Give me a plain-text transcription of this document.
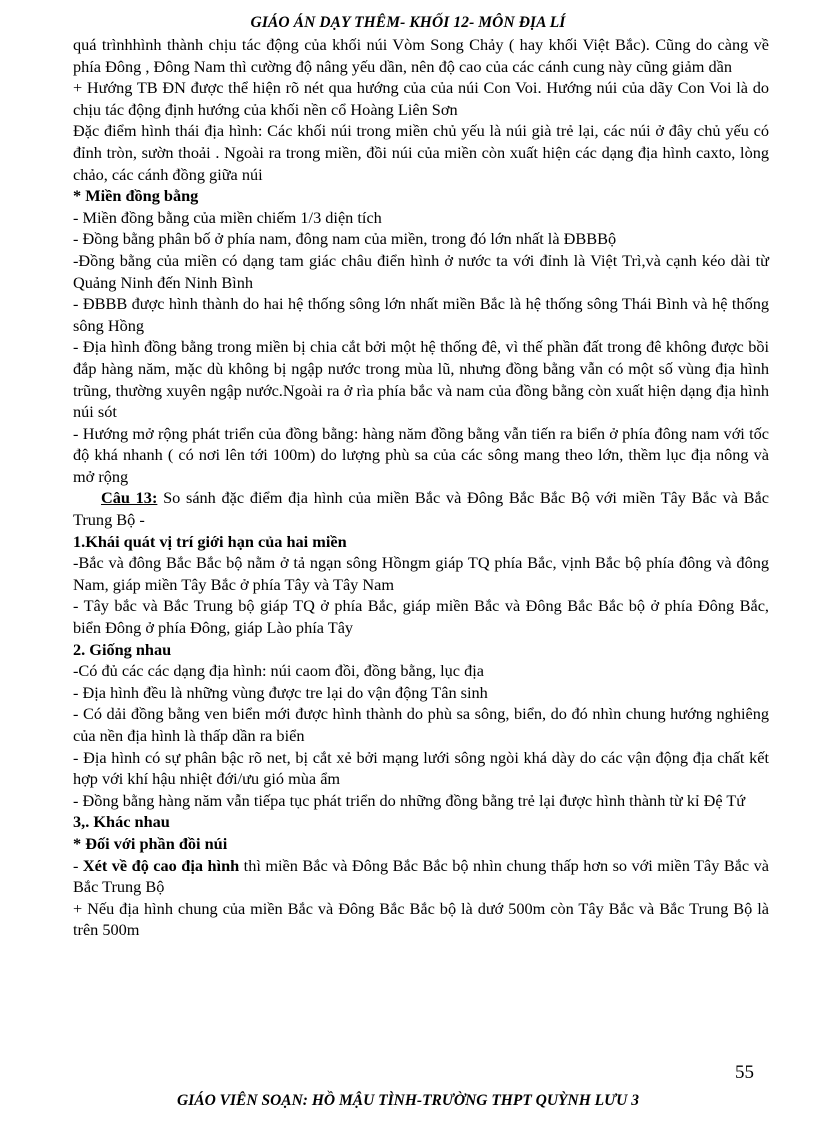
GIÁO ÁN DẠY THÊM- KHỐI 12- MÔN ĐỊA LÍ

quá trìnhhình thành chịu tác động của khối núi Vòm Song Chảy ( hay khối Việt Bắc). Cũng do càng về phía Đông , Đông Nam thì cường độ nâng yếu dần, nên độ cao của các cánh cung này cũng giảm dần

+ Hướng TB ĐN được thể hiện rõ nét qua hướng của của núi Con Voi. Hướng núi của dãy Con Voi là do chịu tác động định hướng của khối nền cổ Hoàng Liên Sơn

Đặc điểm hình thái địa hình: Các khối núi trong miền chủ yếu là núi già trẻ lại, các núi ở đây chủ yếu có đỉnh tròn, sườn thoải . Ngoài ra trong miền, đồi núi của miền còn xuất hiện các dạng địa hình caxto, lòng chảo, các cánh đồng giữa núi

* Miền đồng bằng

- Miền đồng bằng của miền chiếm 1/3 diện tích

- Đồng bằng phân bố ở phía nam, đông nam của miền, trong đó lớn nhất là ĐBBBộ

-Đồng bằng của miền có dạng tam giác châu điển hình ở nước ta với đỉnh là Việt Trì,và cạnh kéo dài từ Quảng Ninh đến Ninh Bình

- ĐBBB được hình thành do hai hệ thống sông lớn nhất miền Bắc là hệ thống sông Thái Bình và hệ thống sông Hồng

- Địa hình đồng bằng trong miền bị chia cắt bởi một hệ thống đê, vì thế phần đất trong đê không được bồi đắp hàng năm, mặc dù không bị ngập nước trong mùa lũ, nhưng đồng bằng vẫn có một số vùng địa hình trũng, thường xuyên ngập nước.Ngoài ra ở rìa phía bắc và nam của đồng bằng còn xuất hiện dạng địa hình núi sót

- Hướng mở rộng phát triển của đồng bằng: hàng năm đồng bằng vẫn tiến ra biển ở phía đông nam với tốc độ khá nhanh ( có nơi lên tới 100m) do lượng phù sa của các sông mang theo lớn, thềm lục địa nông và mở rộng

Câu 13: So sánh đặc điểm địa hình của miền Bắc và Đông Bắc Bắc Bộ với miền Tây Bắc và Bắc Trung Bộ -

1.Khái quát vị trí giới hạn của hai miền

-Bắc và đông Bắc Bắc bộ nằm ở tả ngạn sông Hồngm giáp TQ phía Bắc, vịnh Bắc bộ phía đông và đông Nam, giáp miền Tây Bắc ở phía Tây và Tây Nam

- Tây bắc và Bắc Trung bộ giáp TQ ở phía Bắc, giáp miền Bắc và Đông Bắc Bắc bộ ở phía Đông Bắc, biển Đông ở phía Đông, giáp Lào phía Tây

2. Giống nhau

-Có đủ các các dạng địa hình: núi caom đồi, đồng bằng, lục địa

- Địa hình đều là những vùng được tre lại do vận động Tân sinh

- Có dải đồng bằng ven biển mới được hình thành do phù sa sông, biển, do đó nhìn chung hướng nghiêng của nền địa hình là thấp dần ra biển

- Địa hình có sự phân bậc rõ net, bị cắt xẻ bởi mạng lưới sông ngòi khá dày do các vận động địa chất kết hợp với khí hậu nhiệt đới/ưu gió mùa ẩm

- Đồng bằng hàng năm vẫn tiếpa tục phát triển do những đồng bằng trẻ lại được hình thành từ kỉ Đệ Tứ

3,. Khác nhau

* Đối với phần đồi núi

- Xét về độ cao địa hình thì miền Bắc và Đông Bắc Bắc bộ nhìn chung thấp hơn so với miền Tây Bắc và Bắc Trung Bộ

+ Nếu địa hình chung của miền Bắc và Đông Bắc Bắc bộ là dướ 500m còn Tây Bắc và Bắc Trung Bộ là trên 500m

55
GIÁO VIÊN SOẠN: HỒ MẬU TÌNH-TRƯỜNG THPT QUỲNH LƯU 3
